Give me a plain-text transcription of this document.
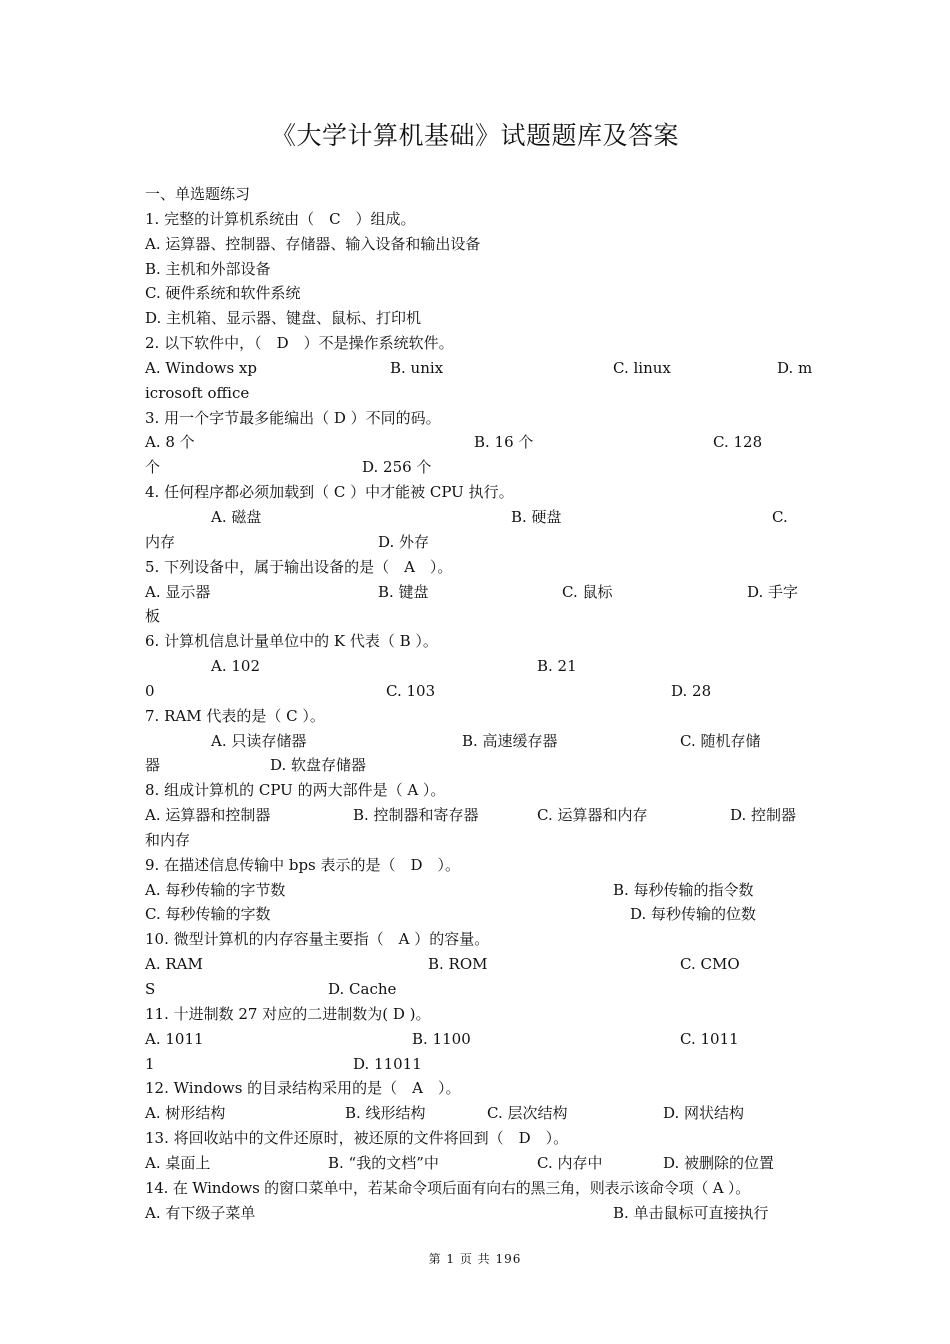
《大学计算机基础》试题题库及答案
一、单选题练习
1. 完整的计算机系统由（　C　）组成。
A. 运算器、控制器、存储器、输入设备和输出设备
B. 主机和外部设备
C. 硬件系统和软件系统
D. 主机箱、显示器、键盘、鼠标、打印机
2. 以下软件中，（　D　）不是操作系统软件。

A. Windows xp

	B. unix

	C. linux

	D. m

icrosoft office
3. 用一个字节最多能编出（ D ）不同的码。

A. 8 个

	B. 16 个

	C. 128

个

	D. 256 个

4. 任何程序都必须加载到（ C ）中才能被 CPU 执行。

A. 磁盘

	B. 硬盘

	C.

内存

	D. 外存

5. 下列设备中，属于输出设备的是（　A　）。

A. 显示器

	B. 键盘

	C. 鼠标

	D. 手字

板
6. 计算机信息计量单位中的 K 代表（ B ）。

A. 102

	B. 21

0

	C. 103

	D. 28

7. RAM 代表的是（ C ）。

A. 只读存储器

	B. 高速缓存器

	C. 随机存储

器

	D. 软盘存储器

8. 组成计算机的 CPU 的两大部件是（ A ）。

A. 运算器和控制器

	B. 控制器和寄存器

	C. 运算器和内存

	D. 控制器

和内存
9. 在描述信息传输中 bps 表示的是（　D　）。

A. 每秒传输的字节数

	B. 每秒传输的指令数

C. 每秒传输的字数

	D. 每秒传输的位数

10. 微型计算机的内存容量主要指（　A ）的容量。

A. RAM

	B. ROM

	C. CMO

S

	D. Cache

11. 十进制数 27 对应的二进制数为( D )。

A. 1011

	B. 1100

	C. 1011

1

	D. 11011

12. Windows 的目录结构采用的是（　A　）。

A. 树形结构

	B. 线形结构

	C. 层次结构

	D. 网状结构

13. 将回收站中的文件还原时，被还原的文件将回到（　D　）。

A. 桌面上

	B. “我的文档”中

	C. 内存中

	D. 被删除的位置

14. 在 Windows 的窗口菜单中，若某命令项后面有向右的黑三角，则表示该命令项（ A ）。

A. 有下级子菜单

	B. 单击鼠标可直接执行

第 1 页 共 196
